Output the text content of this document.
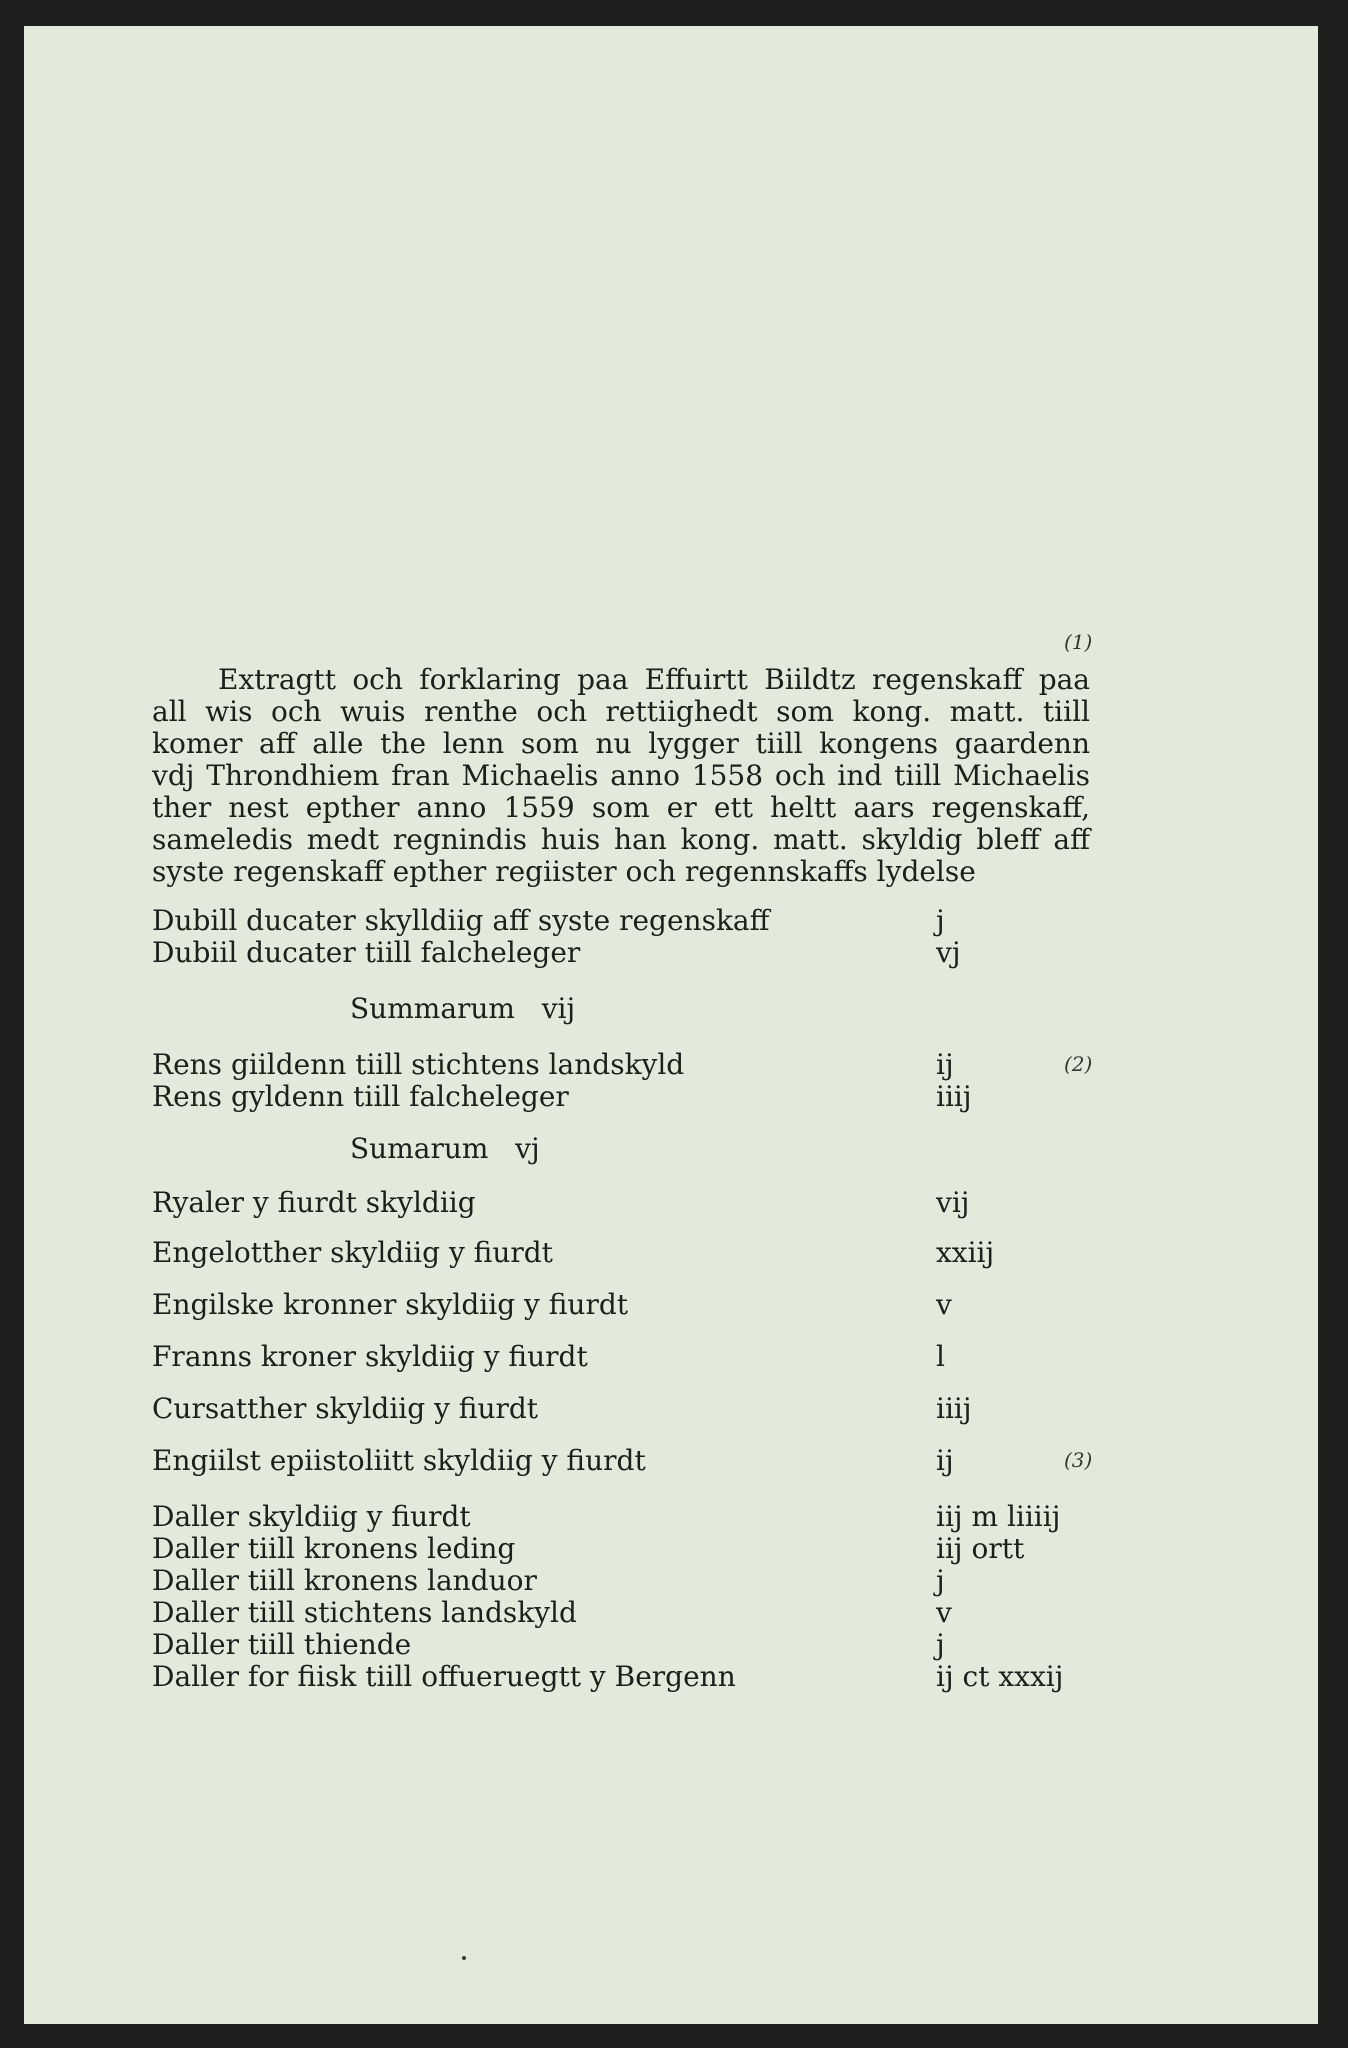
(1)
Extragtt och forklaring paa Effuirtt Biildtz regenskaff paa
all wis och wuis renthe och rettiighedt som kong. matt. tiill
komer aff alle the lenn som nu lygger tiill kongens gaardenn
vdj Throndhiem fran Michaelis anno 1558 och ind tiill Michaelis
ther nest epther anno 1559 som er ett heltt aars regenskaff,
sameledis medt regnindis huis han kong. matt. skyldig bleff aff
syste regenskaff epther regiister och regennskaffs lydelse
Dubill ducater skylldiig aff syste regenskaff	j
Dubiil ducater tiill falcheleger	vj
Summarum vij
Rens giildenn tiill stichtens landskyld	ij	(2)
Rens gyldenn tiill falcheleger	iiij
Sumarum vj
Ryaler y fiurdt skyldiig	vij
Engelotther skyldiig y fiurdt	xxiij
Engilske kronner skyldiig y fiurdt	v
Franns kroner skyldiig y fiurdt	l
Cursatther skyldiig y fiurdt	iiij
Engiilst epiistoliitt skyldiig y fiurdt	ij	(3)
Daller skyldiig y fiurdt	iij m liiiij
Daller tiill kronens leding	iij ortt
Daller tiill kronens landuor	j
Daller tiill stichtens landskyld	v
Daller tiill thiende	j
Daller for fiisk tiill offueruegtt y Bergenn	ij ct xxxij
